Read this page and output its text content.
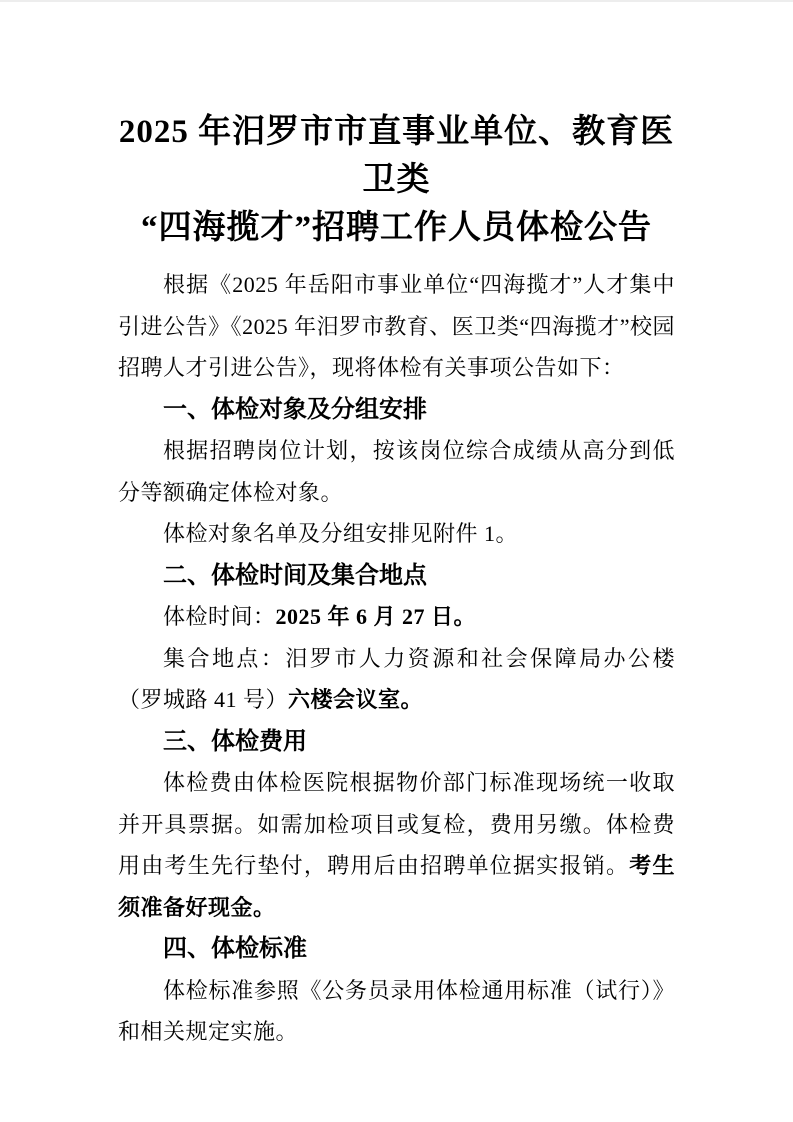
2025 年汨罗市市直事业单位、教育医卫类
“四海揽才”招聘工作人员体检公告

根据《2025 年岳阳市事业单位“四海揽才”人才集中引进公告》《2025 年汨罗市教育、医卫类“四海揽才”校园招聘人才引进公告》，现将体检有关事项公告如下：

一、体检对象及分组安排

根据招聘岗位计划，按该岗位综合成绩从高分到低分等额确定体检对象。

体检对象名单及分组安排见附件 1。

二、体检时间及集合地点

体检时间：2025 年 6 月 27 日。

集合地点：汨罗市人力资源和社会保障局办公楼（罗城路 41 号）六楼会议室。

三、体检费用

体检费由体检医院根据物价部门标准现场统一收取并开具票据。如需加检项目或复检，费用另缴。体检费用由考生先行垫付，聘用后由招聘单位据实报销。考生须准备好现金。

四、体检标准

体检标准参照《公务员录用体检通用标准（试行）》和相关规定实施。
